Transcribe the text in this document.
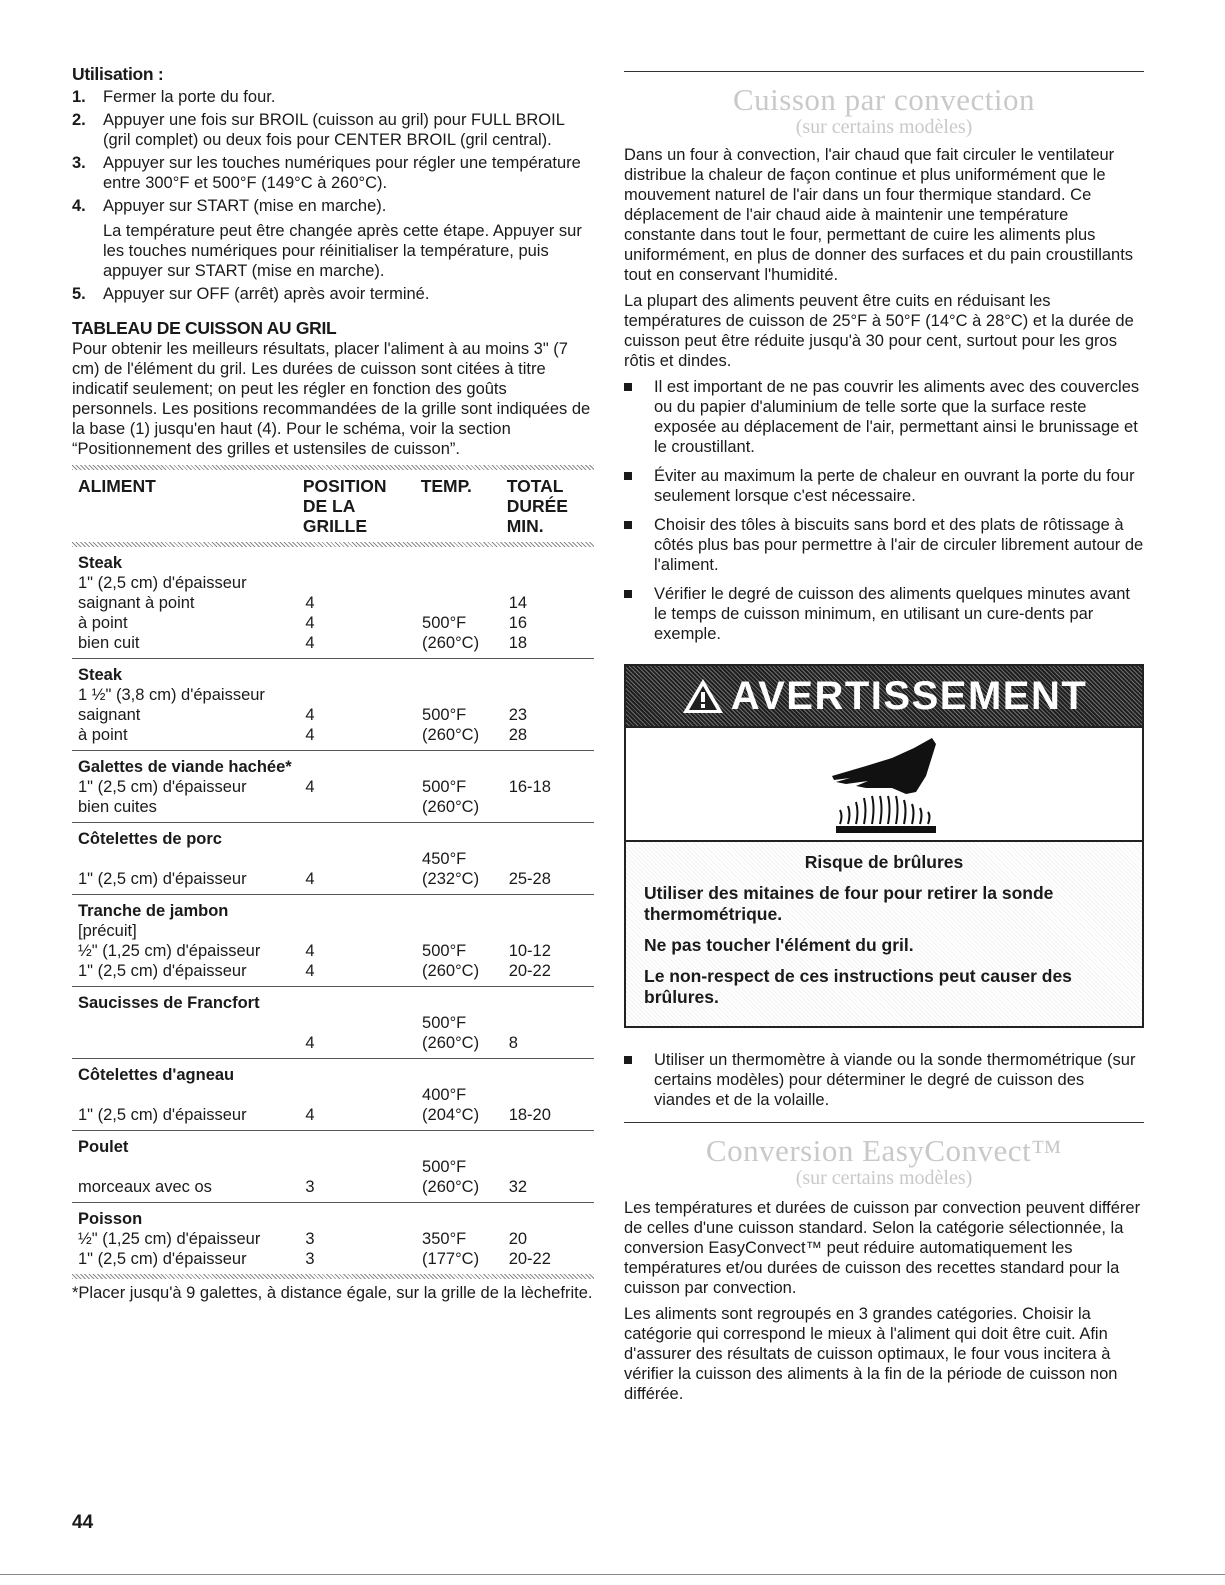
Utilisation :
1. Fermer la porte du four.
2. Appuyer une fois sur BROIL (cuisson au gril) pour FULL BROIL (gril complet) ou deux fois pour CENTER BROIL (gril central).
3. Appuyer sur les touches numériques pour régler une température entre 300°F et 500°F (149°C à 260°C).
4. Appuyer sur START (mise en marche).
La température peut être changée après cette étape. Appuyer sur les touches numériques pour réinitialiser la température, puis appuyer sur START (mise en marche).
5. Appuyer sur OFF (arrêt) après avoir terminé.
TABLEAU DE CUISSON AU GRIL

Pour obtenir les meilleurs résultats, placer l'aliment à au moins 3" (7 cm) de l'élément du gril. Les durées de cuisson sont citées à titre indicatif seulement; on peut les régler en fonction des goûts personnels. Les positions recommandées de la grille sont indiquées de la base (1) jusqu'en haut (4). Pour le schéma, voir la section “Positionnement des grilles et ustensiles de cuisson”.

ALIMENT	POSITION DE LA GRILLE	TEMP.	TOTAL DURÉE MIN.
Steak			
1" (2,5 cm) d'épaisseur			
saignant à point	4		14
à point	4	500°F	16
bien cuit	4	(260°C)	18
Steak			
1 ½" (3,8 cm) d'épaisseur			
saignant	4	500°F	23
à point	4	(260°C)	28
Galettes de viande hachée*			
1" (2,5 cm) d'épaisseur	4	500°F	16-18
bien cuites		(260°C)	
Côtelettes de porc			
		450°F	
1" (2,5 cm) d'épaisseur	4	(232°C)	25-28
Tranche de jambon			
[précuit]			
½" (1,25 cm) d'épaisseur	4	500°F	10-12
1" (2,5 cm) d'épaisseur	4	(260°C)	20-22
Saucisses de Francfort			
		500°F	
	4	(260°C)	8
Côtelettes d'agneau			
		400°F	
1" (2,5 cm) d'épaisseur	4	(204°C)	18-20
Poulet			
		500°F	
morceaux avec os	3	(260°C)	32
Poisson			
½" (1,25 cm) d'épaisseur	3	350°F	20
1" (2,5 cm) d'épaisseur	3	(177°C)	20-22
*Placer jusqu'à 9 galettes, à distance égale, sur la grille de la lèchefrite.
Cuisson par convection
(sur certains modèles)

Dans un four à convection, l'air chaud que fait circuler le ventilateur distribue la chaleur de façon continue et plus uniformément que le mouvement naturel de l'air dans un four thermique standard. Ce déplacement de l'air chaud aide à maintenir une température constante dans tout le four, permettant de cuire les aliments plus uniformément, en plus de donner des surfaces et du pain croustillants tout en conservant l'humidité.

La plupart des aliments peuvent être cuits en réduisant les températures de cuisson de 25°F à 50°F (14°C à 28°C) et la durée de cuisson peut être réduite jusqu'à 30 pour cent, surtout pour les gros rôtis et dindes.

Il est important de ne pas couvrir les aliments avec des couvercles ou du papier d'aluminium de telle sorte que la surface reste exposée au déplacement de l'air, permettant ainsi le brunissage et le croustillant.
Éviter au maximum la perte de chaleur en ouvrant la porte du four seulement lorsque c'est nécessaire.
Choisir des tôles à biscuits sans bord et des plats de rôtissage à côtés plus bas pour permettre à l'air de circuler librement autour de l'aliment.
Vérifier le degré de cuisson des aliments quelques minutes avant le temps de cuisson minimum, en utilisant un cure-dents par exemple.
AVERTISSEMENT
Risque de brûlures
Utiliser des mitaines de four pour retirer la sonde thermométrique.
Ne pas toucher l'élément du gril.
Le non-respect de ces instructions peut causer des brûlures.
Utiliser un thermomètre à viande ou la sonde thermométrique (sur certains modèles) pour déterminer le degré de cuisson des viandes et de la volaille.
Conversion EasyConvect™
(sur certains modèles)

Les températures et durées de cuisson par convection peuvent différer de celles d'une cuisson standard. Selon la catégorie sélectionnée, la conversion EasyConvect™ peut réduire automatiquement les températures et/ou durées de cuisson des recettes standard pour la cuisson par convection.

Les aliments sont regroupés en 3 grandes catégories. Choisir la catégorie qui correspond le mieux à l'aliment qui doit être cuit. Afin d'assurer des résultats de cuisson optimaux, le four vous incitera à vérifier la cuisson des aliments à la fin de la période de cuisson non différée.

44
